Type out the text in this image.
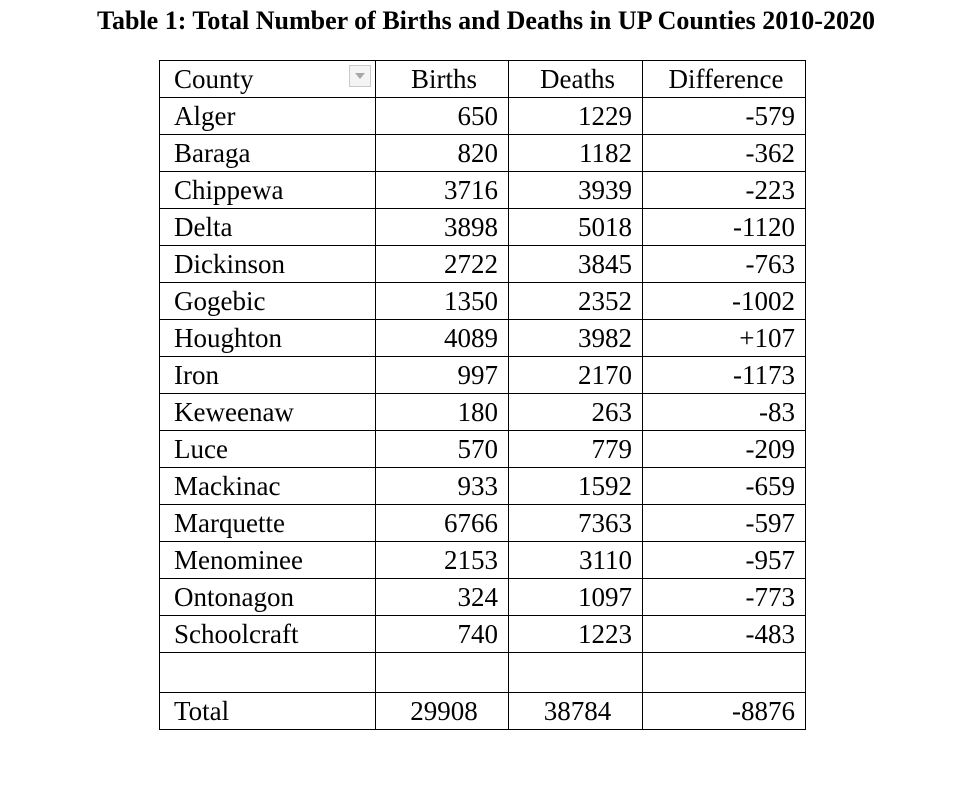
Table 1: Total Number of Births and Deaths in UP Counties 2010-2020
County	Births	Deaths	Difference
Alger	650	1229	-579
Baraga	820	1182	-362
Chippewa	3716	3939	-223
Delta	3898	5018	-1120
Dickinson	2722	3845	-763
Gogebic	1350	2352	-1002
Houghton	4089	3982	+107
Iron	997	2170	-1173
Keweenaw	180	263	-83
Luce	570	779	-209
Mackinac	933	1592	-659
Marquette	6766	7363	-597
Menominee	2153	3110	-957
Ontonagon	324	1097	-773
Schoolcraft	740	1223	-483

Total	29908	38784	-8876
